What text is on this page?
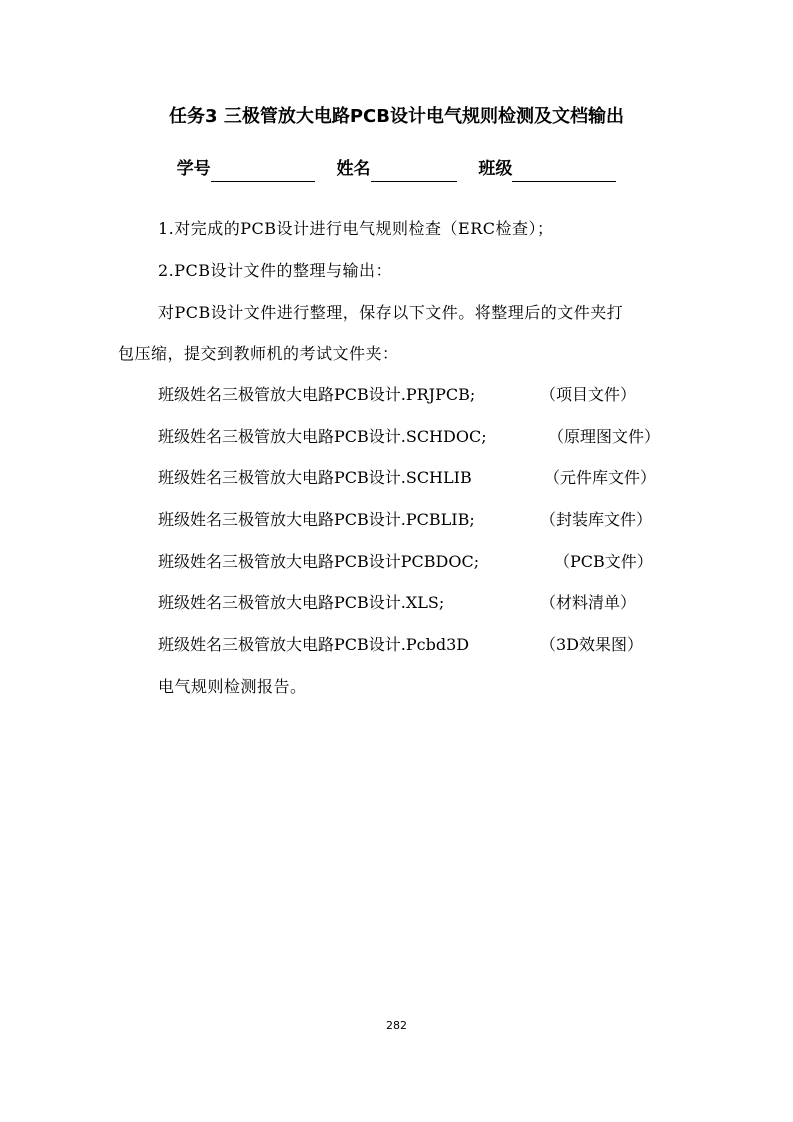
任务3 三极管放大电路PCB设计电气规则检测及文档输出
学号	姓名	班级
1.对完成的PCB设计进行电气规则检查（ERC检查）；
2.PCB设计文件的整理与输出：
对PCB设计文件进行整理，保存以下文件。将整理后的文件夹打
包压缩，提交到教师机的考试文件夹：
班级姓名三极管放大电路PCB设计.PRJPCB;	（项目文件）
班级姓名三极管放大电路PCB设计.SCHDOC;	（原理图文件）
班级姓名三极管放大电路PCB设计.SCHLIB	（元件库文件）
班级姓名三极管放大电路PCB设计.PCBLIB;	（封装库文件）
班级姓名三极管放大电路PCB设计PCBDOC;	（PCB文件）
班级姓名三极管放大电路PCB设计.XLS;	（材料清单）
班级姓名三极管放大电路PCB设计.Pcbd3D	（3D效果图）
电气规则检测报告。
282
